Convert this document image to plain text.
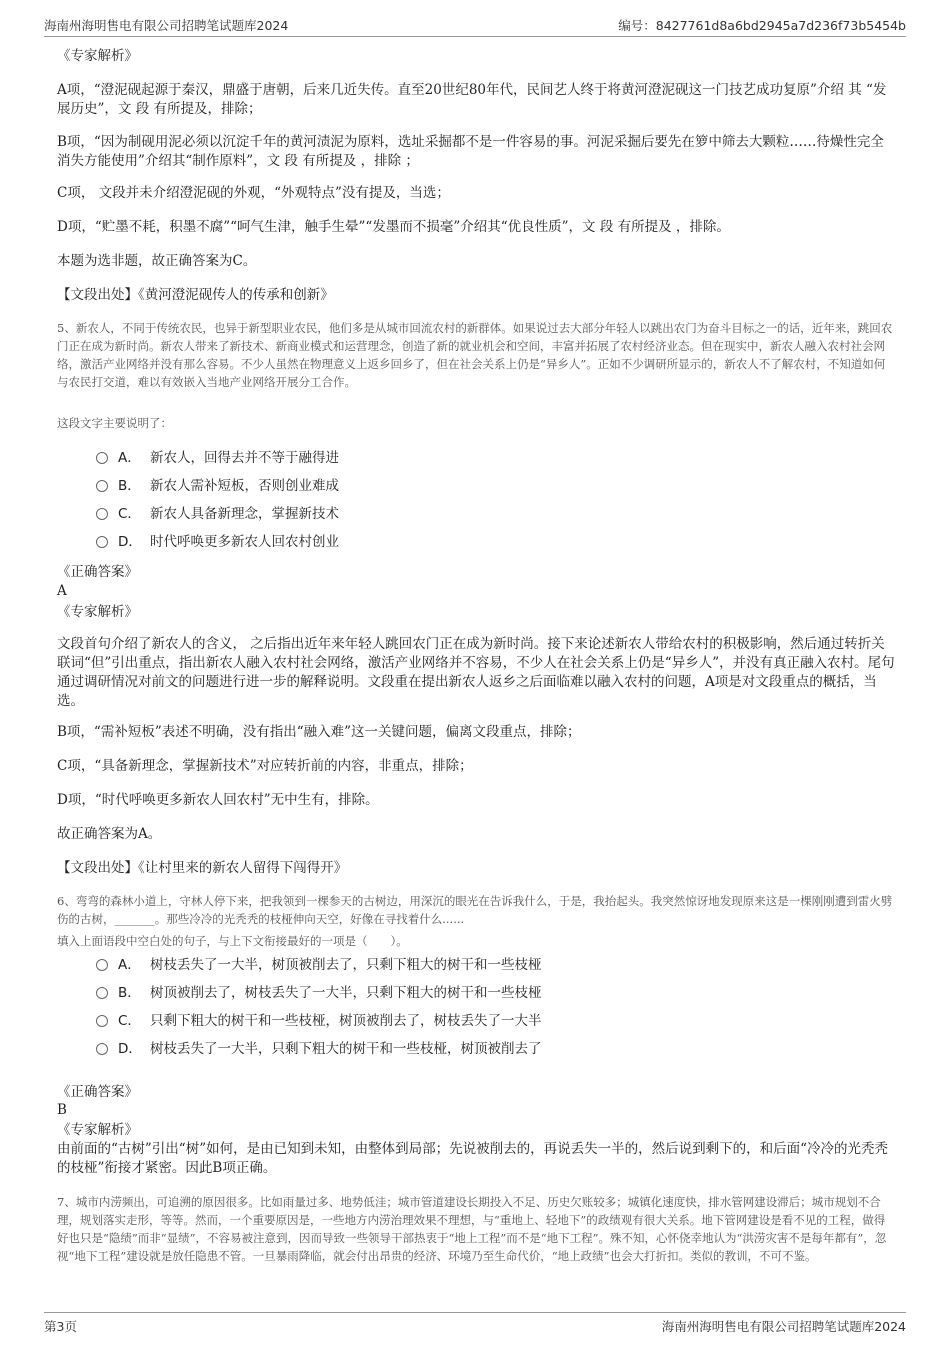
海南州海明售电有限公司招聘笔试题库2024	编号：8427761d8a6bd2945a7d236f73b5454b

《专家解析》

A项，“澄泥砚起源于秦汉，鼎盛于唐朝，后来几近失传。直至20世纪80年代，民间艺人终于将黄河澄泥砚这一门技艺成功复原”介绍 其 “发展历史”，文 段 有所提及，排除；

B项，“因为制砚用泥必须以沉淀千年的黄河渍泥为原料，选址采掘都不是一件容易的事。河泥采掘后要先在箩中筛去大颗粒……待燥性完全消失方能使用”介绍其“制作原料”，文 段 有所提及 ，排除 ；

C项， 文段并未介绍澄泥砚的外观，“外观特点”没有提及，当选；

D项，“贮墨不耗，积墨不腐”“呵气生津，触手生晕”“发墨而不损毫”介绍其“优良性质”，文 段 有所提及 ，排除。

本题为选非题，故正确答案为C。

【文段出处】《黄河澄泥砚传人的传承和创新》

5、新农人，不同于传统农民，也异于新型职业农民，他们多是从城市回流农村的新群体。如果说过去大部分年轻人以跳出农门为奋斗目标之一的话，近年来，跳回农门正在成为新时尚。新农人带来了新技术、新商业模式和运营理念，创造了新的就业机会和空间，丰富并拓展了农村经济业态。但在现实中，新农人融入农村社会网络，激活产业网络并没有那么容易。不少人虽然在物理意义上返乡回乡了，但在社会关系上仍是“异乡人”。正如不少调研所显示的，新农人不了解农村，不知道如何与农民打交道，难以有效嵌入当地产业网络开展分工合作。

这段文字主要说明了：

A． 新农人，回得去并不等于融得进
B． 新农人需补短板，否则创业难成
C． 新农人具备新理念，掌握新技术
D． 时代呼唤更多新农人回农村创业

《正确答案》

A

《专家解析》

文段首句介绍了新农人的含义， 之后指出近年来年轻人跳回农门正在成为新时尚。接下来论述新农人带给农村的积极影响，然后通过转折关联词“但”引出重点，指出新农人融入农村社会网络，激活产业网络并不容易，不少人在社会关系上仍是“异乡人”，并没有真正融入农村。尾句通过调研情况对前文的问题进行进一步的解释说明。文段重在提出新农人返乡之后面临难以融入农村的问题，A项是对文段重点的概括，当选。

B项，“需补短板”表述不明确，没有指出“融入难”这一关键问题，偏离文段重点，排除；

C项，“具备新理念，掌握新技术”对应转折前的内容，非重点，排除；

D项，“时代呼唤更多新农人回农村”无中生有，排除。

故正确答案为A。

【文段出处】《让村里来的新农人留得下闯得开》

6、弯弯的森林小道上，守林人停下来，把我领到一棵参天的古树边，用深沉的眼光在告诉我什么，于是，我抬起头。我突然惊讶地发现原来这是一棵刚刚遭到雷火劈伤的古树，_______。那些冷冷的光秃秃的枝桠伸向天空，好像在寻找着什么......

填入上面语段中空白处的句子，与上下文衔接最好的一项是（　　）。

A． 树枝丢失了一大半，树顶被削去了，只剩下粗大的树干和一些枝桠
B． 树顶被削去了，树枝丢失了一大半，只剩下粗大的树干和一些枝桠
C． 只剩下粗大的树干和一些枝桠，树顶被削去了，树枝丢失了一大半
D． 树枝丢失了一大半，只剩下粗大的树干和一些枝桠，树顶被削去了

《正确答案》

B

《专家解析》

由前面的“古树”引出“树”如何，是由已知到未知，由整体到局部；先说被削去的，再说丢失一半的，然后说到剩下的，和后面“冷冷的光秃秃的枝桠”衔接才紧密。因此B项正确。

7、城市内涝频出，可追溯的原因很多。比如雨量过多、地势低洼；城市管道建设长期投入不足、历史欠账较多；城镇化速度快，排水管网建设滞后；城市规划不合理，规划落实走形，等等。然而，一个重要原因是，一些地方内涝治理效果不理想，与“重地上、轻地下”的政绩观有很大关系。地下管网建设是看不见的工程，做得好也只是“隐绩”而非“显绩”，不容易被注意到，因而导致一些领导干部热衷于“地上工程”而不是“地下工程”。殊不知，心怀侥幸地认为“洪涝灾害不是每年都有”，忽视“地下工程”建设就是放任隐患不管。一旦暴雨降临，就会付出昂贵的经济、环境乃至生命代价，“地上政绩”也会大打折扣。类似的教训，不可不鉴。

第3页	海南州海明售电有限公司招聘笔试题库2024
